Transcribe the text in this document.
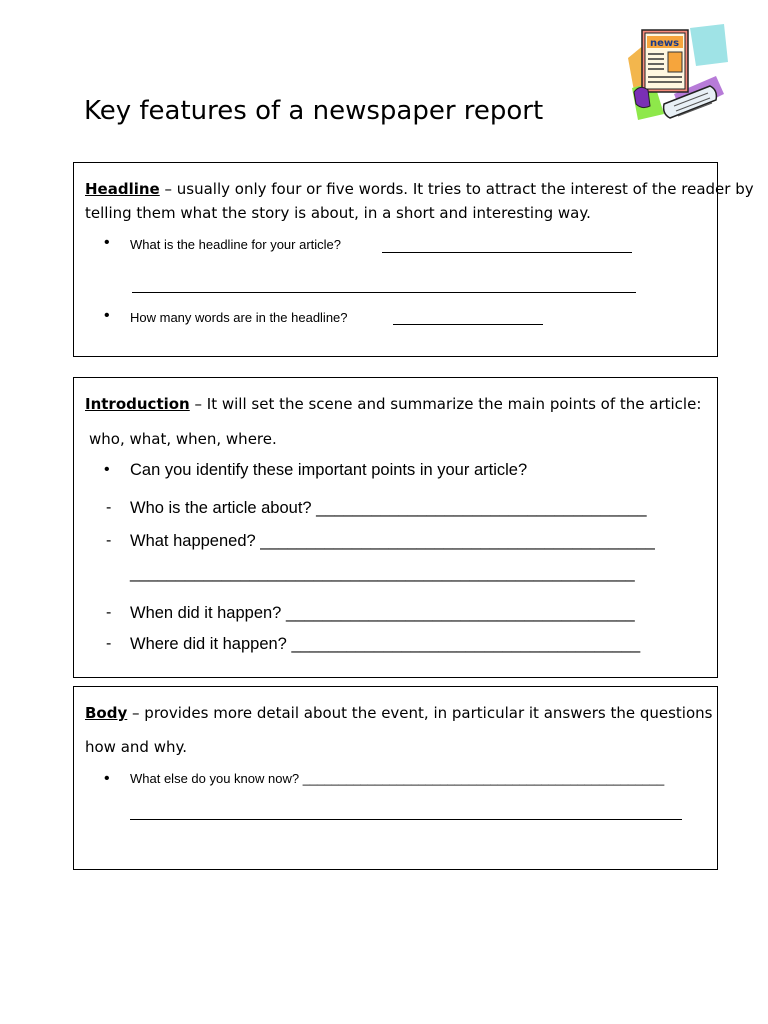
Key features of a newspaper report
news
Headline – usually only four or five words. It tries to attract the interest of the reader by
telling them what the story is about, in a short and interesting way.
• What is the headline for your article?
• How many words are in the headline?
Introduction – It will set the scene and summarize the main points of the article:
who, what, when, where.
• Can you identify these important points in your article?
- Who is the article about? ____________________________________
- What happened? ___________________________________________
_______________________________________________________
- When did it happen? ______________________________________
- Where did it happen? ______________________________________
Body – provides more detail about the event, in particular it answers the questions
how and why.
• What else do you know now? __________________________________________________
